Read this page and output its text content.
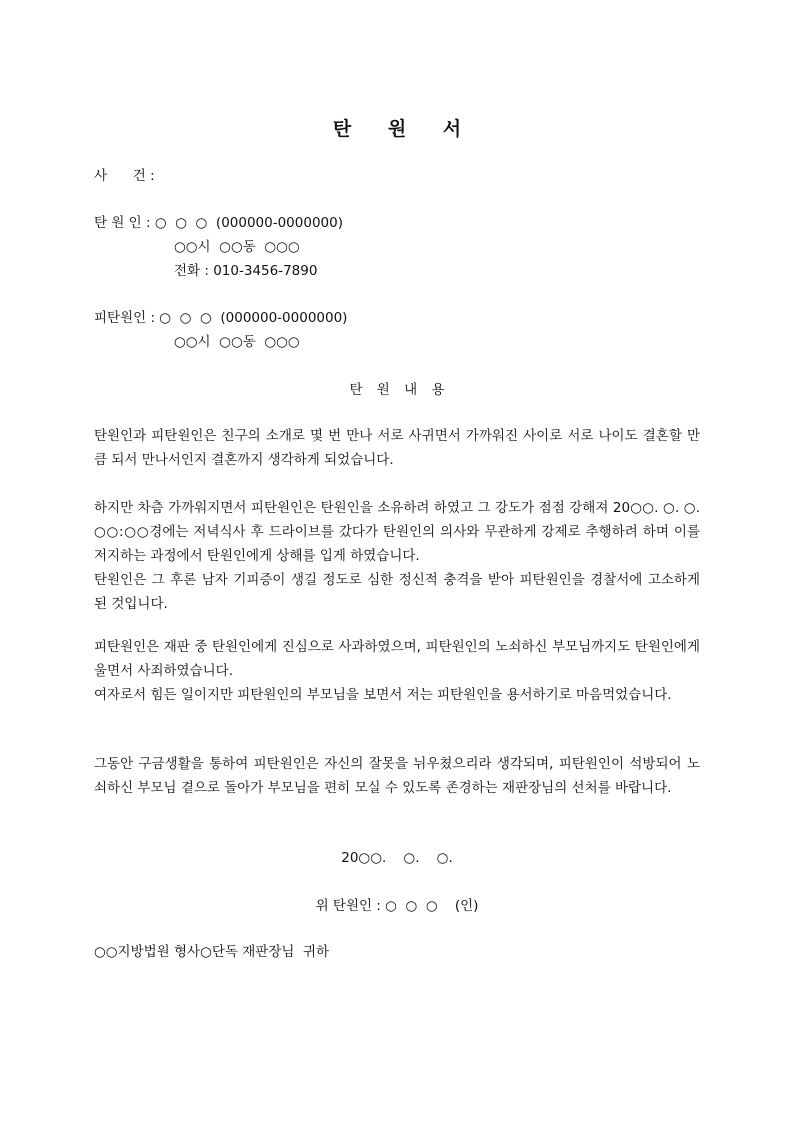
탄 원 서
사      건 :
탄 원 인 : ○  ○  ○  (000000-0000000)
○○시  ○○동  ○○○
전화 : 010-3456-7890
피탄원인 : ○  ○  ○  (000000-0000000)
○○시  ○○동  ○○○
탄 원 내 용

탄원인과 피탄원인은 친구의 소개로 몇 번 만나 서로 사귀면서 가까워진 사이로 서로 나이도 결혼할 만큼 되서 만나서인지 결혼까지 생각하게 되었습니다.

하지만 차츰 가까워지면서 피탄원인은 탄원인을 소유하려 하였고 그 강도가 점점 강해져 20○○. ○. ○. ○○:○○경에는 저녁식사 후 드라이브를 갔다가 탄원인의 의사와 무관하게 강제로 추행하려 하며 이를 저지하는 과정에서 탄원인에게 상해를 입게 하였습니다.

탄원인은 그 후론 남자 기피증이 생길 정도로 심한 정신적 충격을 받아 피탄원인을 경찰서에 고소하게 된 것입니다.

피탄원인은 재판 중 탄원인에게 진심으로 사과하였으며, 피탄원인의 노쇠하신 부모님까지도 탄원인에게 울면서 사죄하였습니다.

여자로서 힘든 일이지만 피탄원인의 부모님을 보면서 저는 피탄원인을 용서하기로 마음먹었습니다.

그동안 구금생활을 통하여 피탄원인은 자신의 잘못을 뉘우쳤으리라 생각되며, 피탄원인이 석방되어 노쇠하신 부모님 곁으로 돌아가 부모님을 편히 모실 수 있도록 존경하는 재판장님의 선처를 바랍니다.

20○○.    ○.    ○.
위 탄원인 : ○  ○  ○    (인)
○○지방법원 형사○단독 재판장님  귀하
